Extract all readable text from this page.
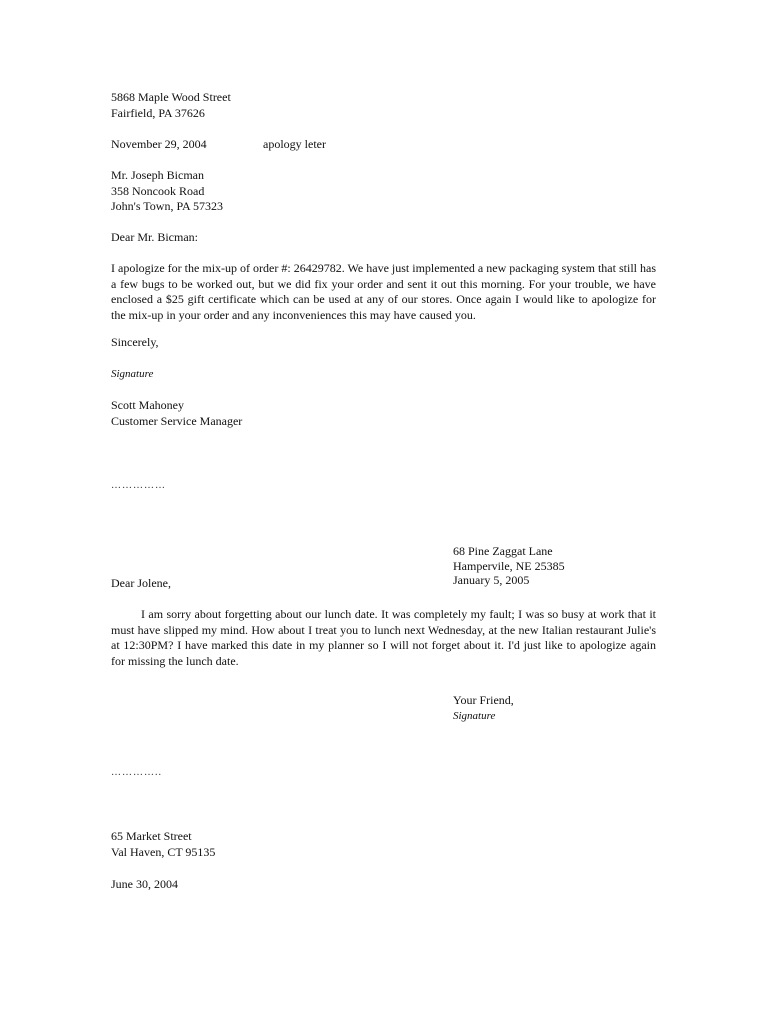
5868 Maple Wood Street
Fairfield, PA 37626
November 29, 2004	apology leter
Mr. Joseph Bicman
358 Noncook Road
John's Town, PA 57323
Dear Mr. Bicman:
I apologize for the mix-up of order #: 26429782. We have just implemented a new packaging system that still has a few bugs to be worked out, but we did fix your order and sent it out this morning. For your trouble, we have enclosed a $25 gift certificate which can be used at any of our stores. Once again I would like to apologize for the mix-up in your order and any inconveniences this may have caused you.
Sincerely,
Signature
Scott Mahoney
Customer Service Manager
……………
68 Pine Zaggat Lane
Hampervile, NE 25385
January 5, 2005
Dear Jolene,
I am sorry about forgetting about our lunch date. It was completely my fault; I was so busy at work that it must have slipped my mind. How about I treat you to lunch next Wednesday, at the new Italian restaurant Julie's at 12:30PM? I have marked this date in my planner so I will not forget about it. I'd just like to apologize again for missing the lunch date.
Your Friend,
Signature
…………..
65 Market Street
Val Haven, CT 95135
June 30, 2004
